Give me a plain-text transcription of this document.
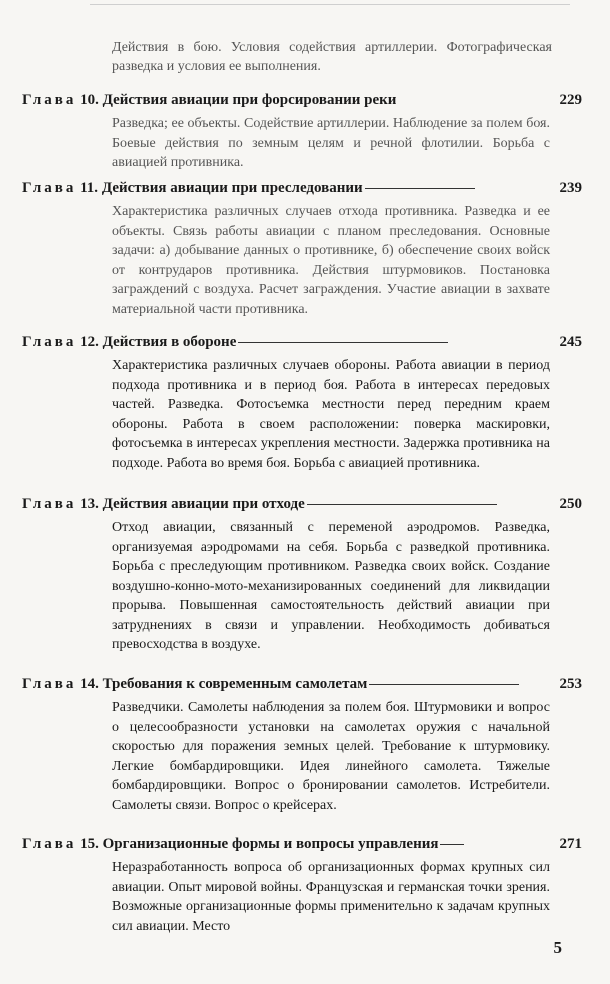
Действия в бою. Условия содействия артиллерии. Фотографическая разведка и условия ее выполнения.
Глава 10. Действия авиации при форсировании реки	229
Разведка; ее объекты. Содействие артиллерии. Наблюдение за полем боя. Боевые действия по земным целям и речной флотилии. Борьба с авиацией противника.
Глава 11. Действия авиации при преследовании	239
Характеристика различных случаев отхода противника. Разведка и ее объекты. Связь работы авиации с планом преследования. Основные задачи: а) добывание данных о противнике, б) обеспечение своих войск от контрударов противника. Действия штурмовиков. Постановка заграждений с воздуха. Расчет заграждения. Участие авиации в захвате материальной части противника.
Глава 12. Действия в обороне	245
Характеристика различных случаев обороны. Работа авиации в период подхода противника и в период боя. Работа в интересах передовых частей. Разведка. Фотосъемка местности перед передним краем обороны. Работа в своем расположении: поверка маскировки, фотосъемка в интересах укрепления местности. Задержка противника на подходе. Работа во время боя. Борьба с авиацией противника.
Глава 13. Действия авиации при отходе	250
Отход авиации, связанный с переменой аэродромов. Разведка, организуемая аэродромами на себя. Борьба с разведкой противника. Борьба с преследующим противником. Разведка своих войск. Создание воздушно-конно-мото-механизированных соединений для ликвидации прорыва. Повышенная самостоятельность действий авиации при затруднениях в связи и управлении. Необходимость добиваться превосходства в воздухе.
Глава 14. Требования к современным самолетам	253
Разведчики. Самолеты наблюдения за полем боя. Штурмовики и вопрос о целесообразности установки на самолетах оружия с начальной скоростью для поражения земных целей. Требование к штурмовику. Легкие бомбардировщики. Идея линейного самолета. Тяжелые бомбардировщики. Вопрос о бронировании самолетов. Истребители. Самолеты связи. Вопрос о крейсерах.
Глава 15. Организационные формы и вопросы управления	271
Неразработанность вопроса об организационных формах крупных сил авиации. Опыт мировой войны. Французская и германская точки зрения. Возможные организационные формы применительно к задачам крупных сил авиации. Место
5
